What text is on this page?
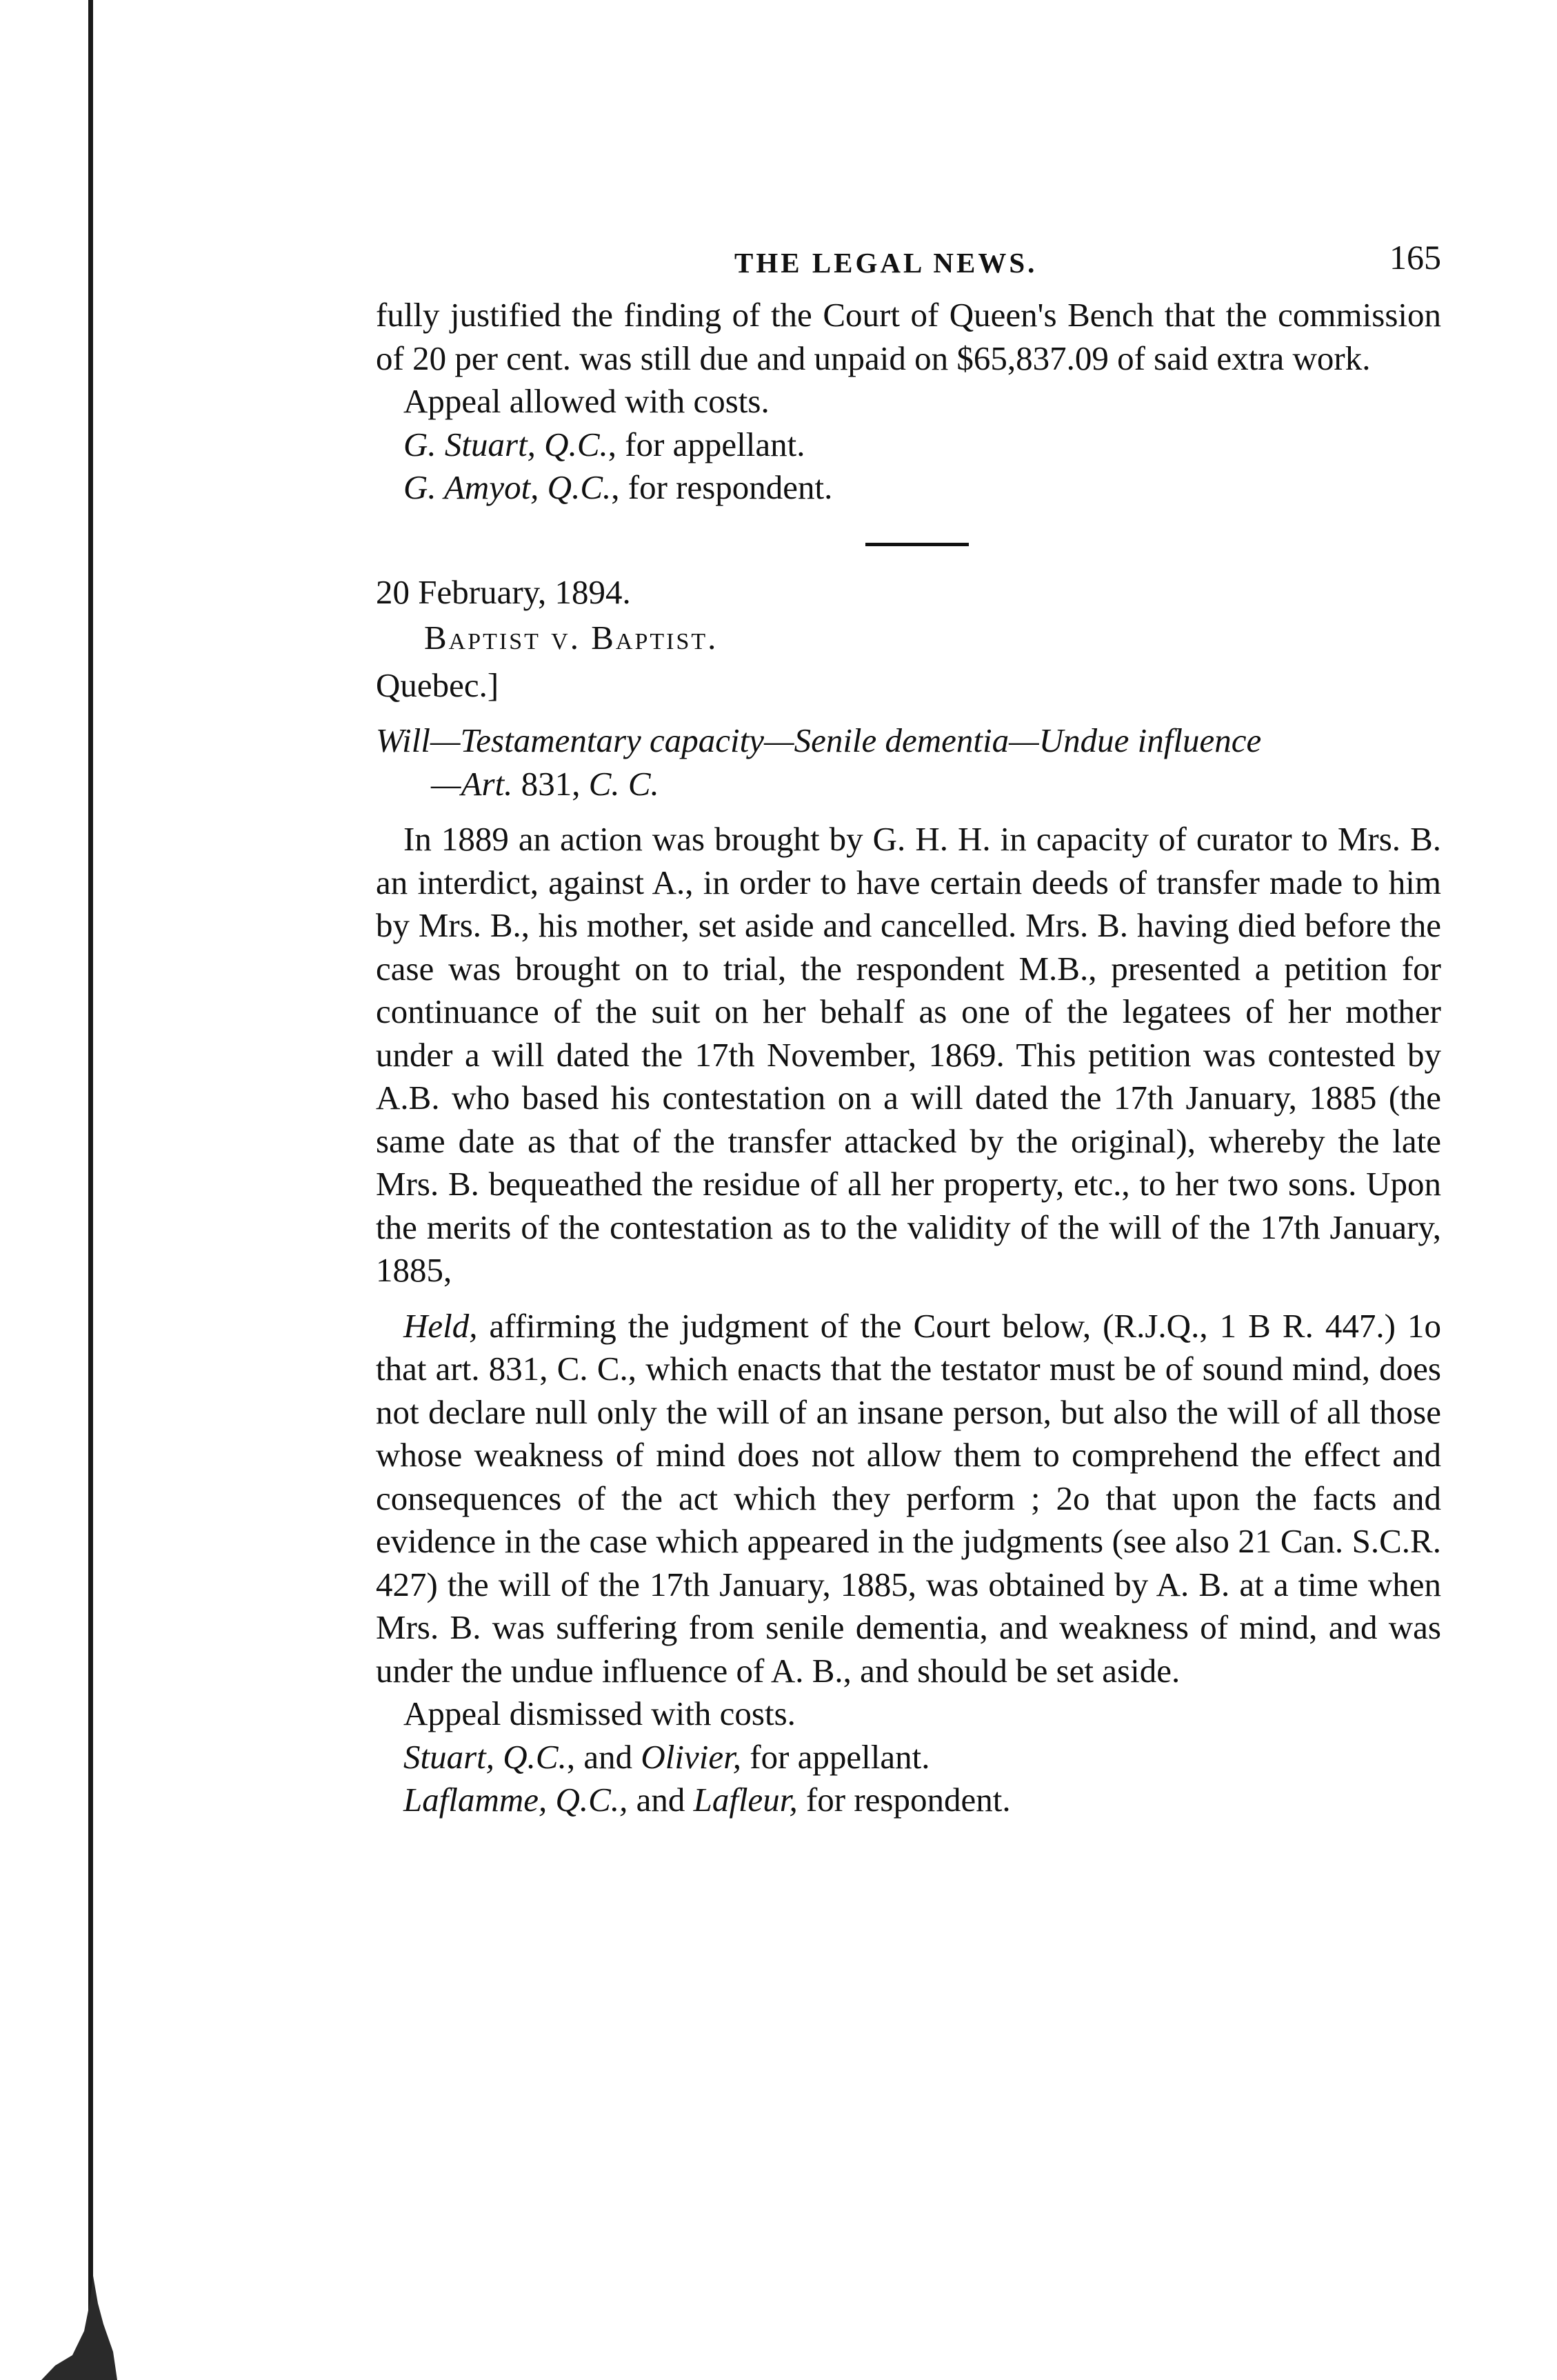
THE LEGAL NEWS.	165

fully justified the finding of the Court of Queen's Bench that the commission of 20 per cent. was still due and unpaid on $65,837.09 of said extra work.

Appeal allowed with costs.

G. Stuart, Q.C., for appellant.

G. Amyot, Q.C., for respondent.

20 February, 1894.

Baptist v. Baptist.

Quebec.]

Will—Testamentary capacity—Senile dementia—Undue influence

—Art. 831, C. C.

In 1889 an action was brought by G. H. H. in capacity of curator to Mrs. B. an interdict, against A., in order to have certain deeds of transfer made to him by Mrs. B., his mother, set aside and cancelled. Mrs. B. having died before the case was brought on to trial, the respondent M.B., presented a petition for continuance of the suit on her behalf as one of the legatees of her mother under a will dated the 17th November, 1869. This petition was contested by A.B. who based his contestation on a will dated the 17th January, 1885 (the same date as that of the transfer attacked by the original), whereby the late Mrs. B. bequeathed the residue of all her property, etc., to her two sons. Upon the merits of the contestation as to the validity of the will of the 17th January, 1885,

Held, affirming the judgment of the Court below, (R.J.Q., 1 B R. 447.) 1o that art. 831, C. C., which enacts that the testator must be of sound mind, does not declare null only the will of an insane person, but also the will of all those whose weakness of mind does not allow them to comprehend the effect and consequences of the act which they perform ; 2o that upon the facts and evidence in the case which appeared in the judgments (see also 21 Can. S.C.R. 427) the will of the 17th January, 1885, was obtained by A. B. at a time when Mrs. B. was suffering from senile dementia, and weakness of mind, and was under the undue influence of A. B., and should be set aside.

Appeal dismissed with costs.

Stuart, Q.C., and Olivier, for appellant.

Laflamme, Q.C., and Lafleur, for respondent.
